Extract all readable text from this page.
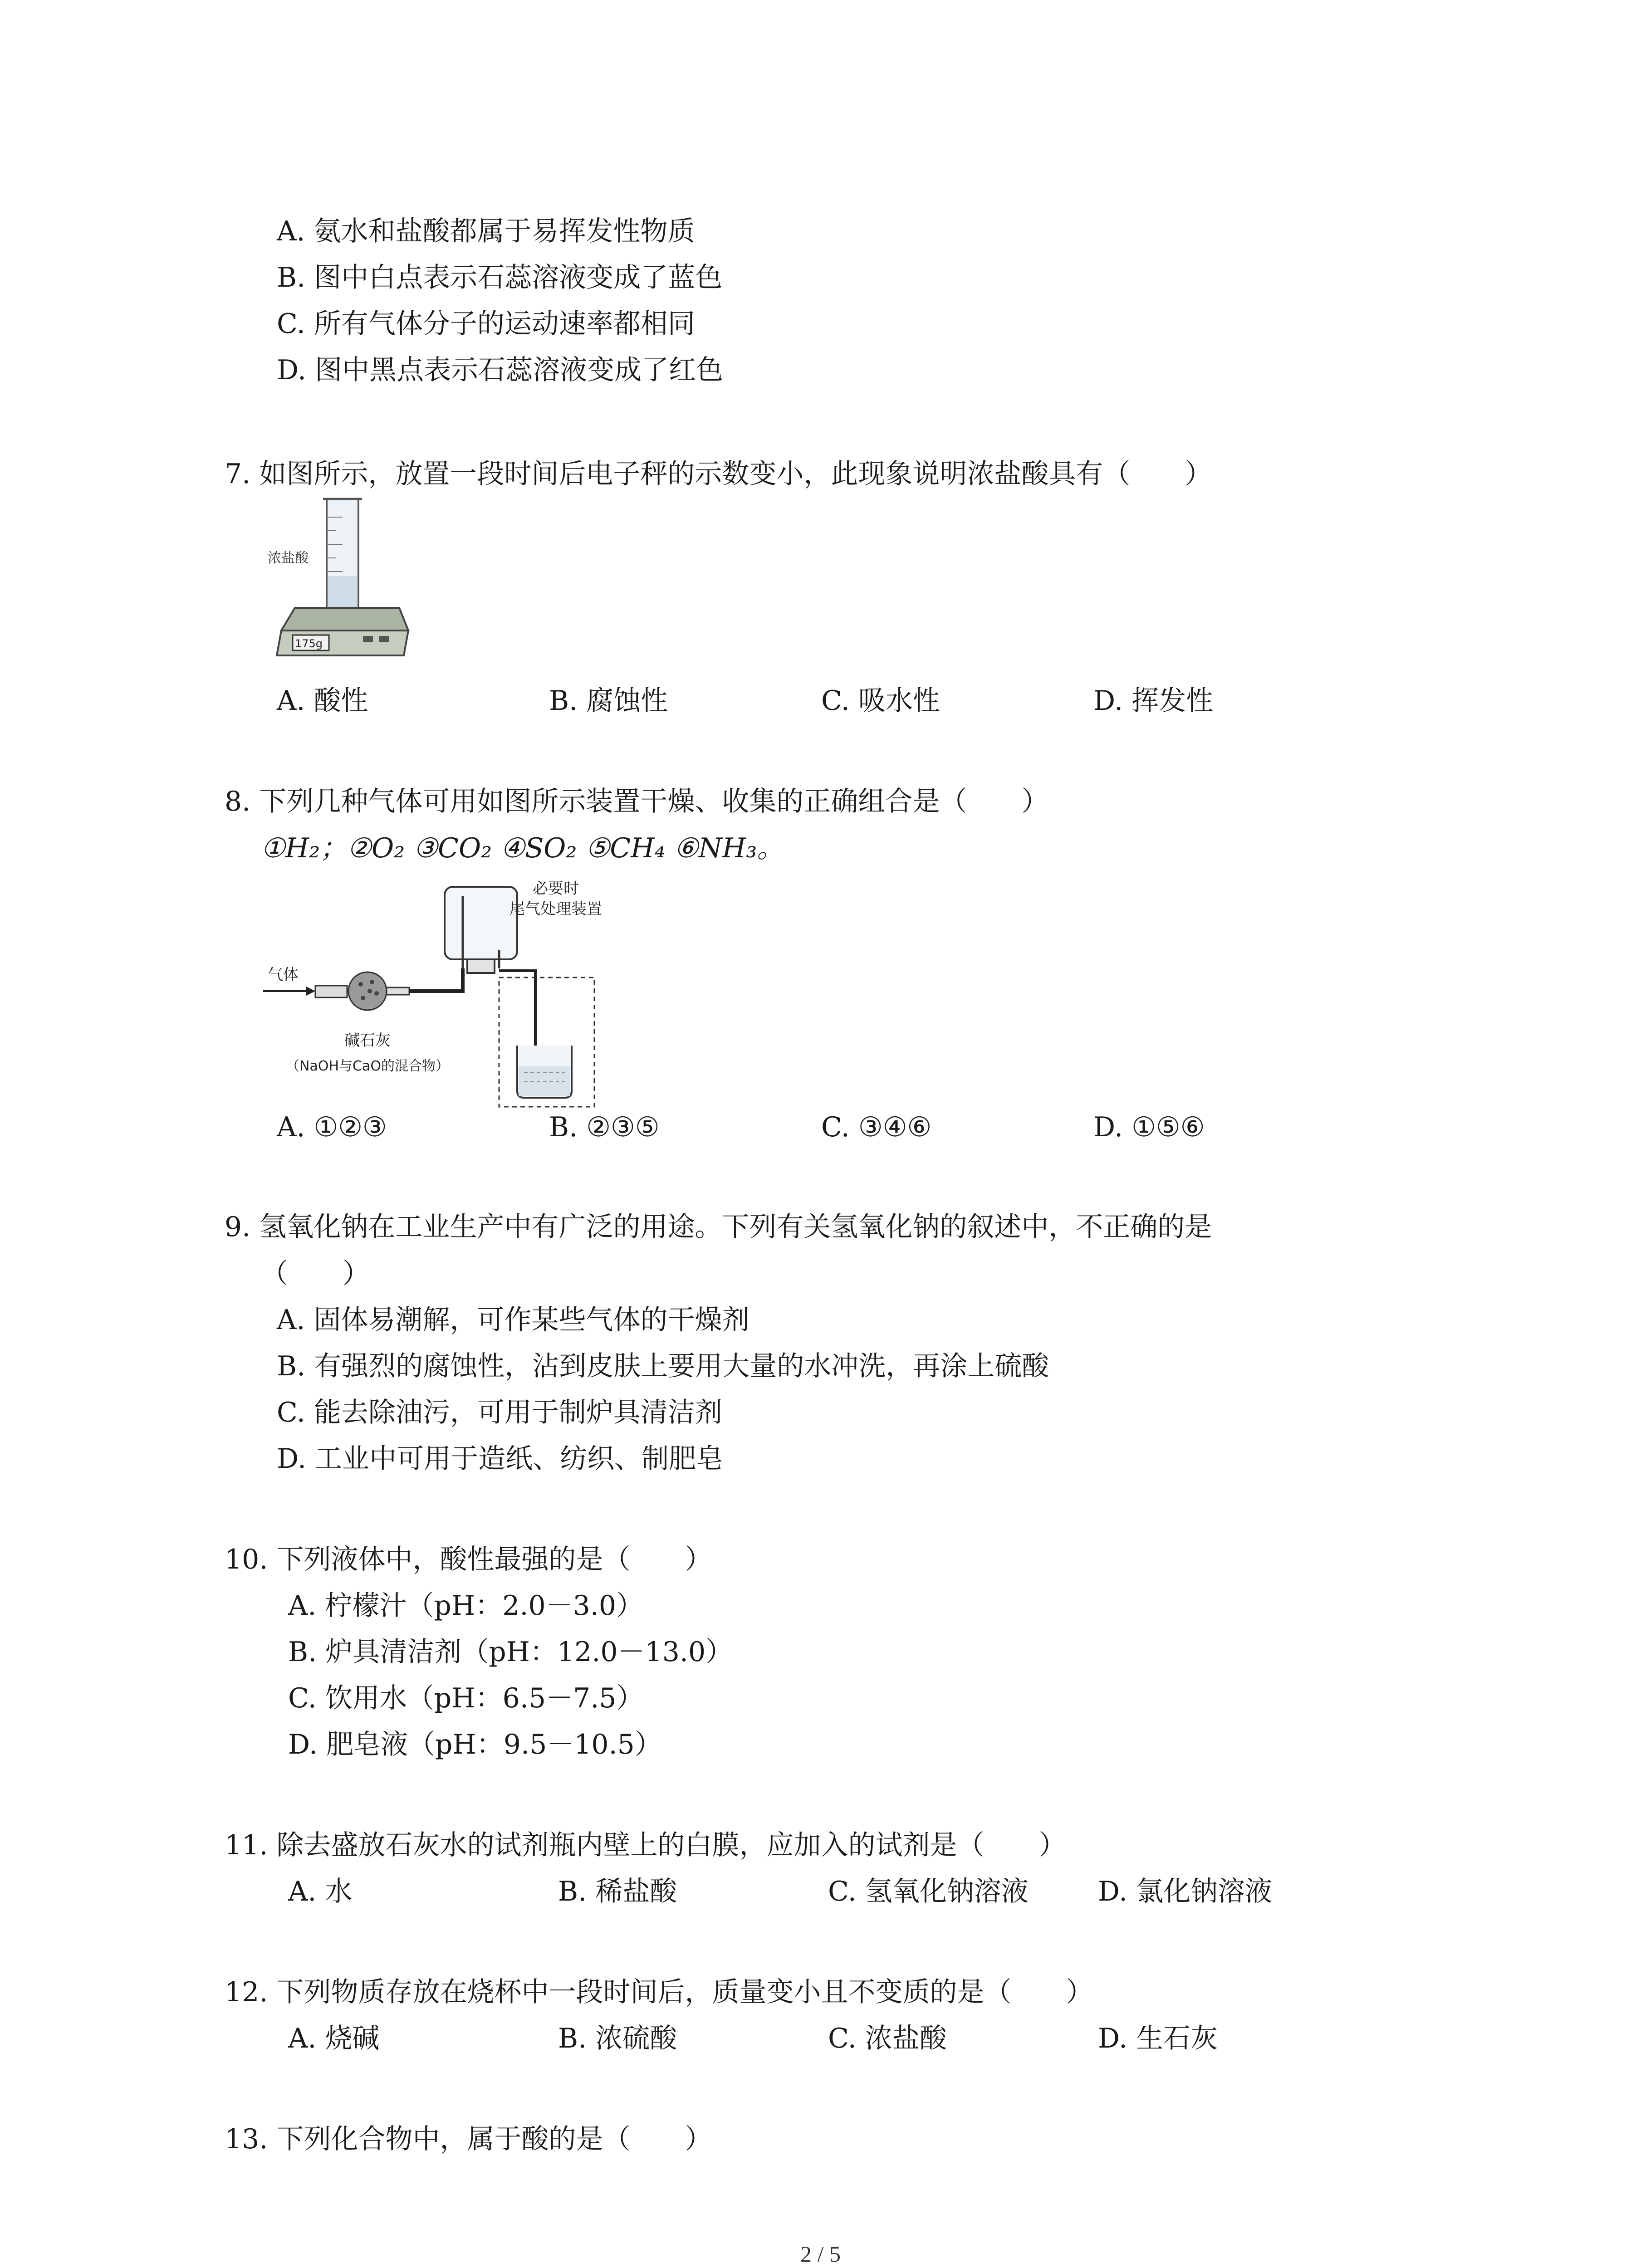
A. 氨水和盐酸都属于易挥发性物质
B. 图中白点表示石蕊溶液变成了蓝色
C. 所有气体分子的运动速率都相同
D. 图中黑点表示石蕊溶液变成了红色
7. 如图所示，放置一段时间后电子秤的示数变小，此现象说明浓盐酸具有（　　）
浓盐酸
175g
A. 酸性	B. 腐蚀性	C. 吸水性	D. 挥发性
8. 下列几种气体可用如图所示装置干燥、收集的正确组合是（　　）
①H₂；②O₂ ③CO₂ ④SO₂ ⑤CH₄ ⑥NH₃。
气体
必要时
尾气处理装置
碱石灰
（NaOH与CaO的混合物）
A. ①②③	B. ②③⑤	C. ③④⑥	D. ①⑤⑥
9. 氢氧化钠在工业生产中有广泛的用途。下列有关氢氧化钠的叙述中，不正确的是
（　　）
A. 固体易潮解，可作某些气体的干燥剂
B. 有强烈的腐蚀性，沾到皮肤上要用大量的水冲洗，再涂上硫酸
C. 能去除油污，可用于制炉具清洁剂
D. 工业中可用于造纸、纺织、制肥皂
10. 下列液体中，酸性最强的是（　　）
A. 柠檬汁（pH：2.0－3.0）
B. 炉具清洁剂（pH：12.0－13.0）
C. 饮用水（pH：6.5－7.5）
D. 肥皂液（pH：9.5－10.5）
11. 除去盛放石灰水的试剂瓶内壁上的白膜，应加入的试剂是（　　）
A. 水	B. 稀盐酸	C. 氢氧化钠溶液	D. 氯化钠溶液
12. 下列物质存放在烧杯中一段时间后，质量变小且不变质的是（　　）
A. 烧碱	B. 浓硫酸	C. 浓盐酸	D. 生石灰
13. 下列化合物中，属于酸的是（　　）
2 / 5
